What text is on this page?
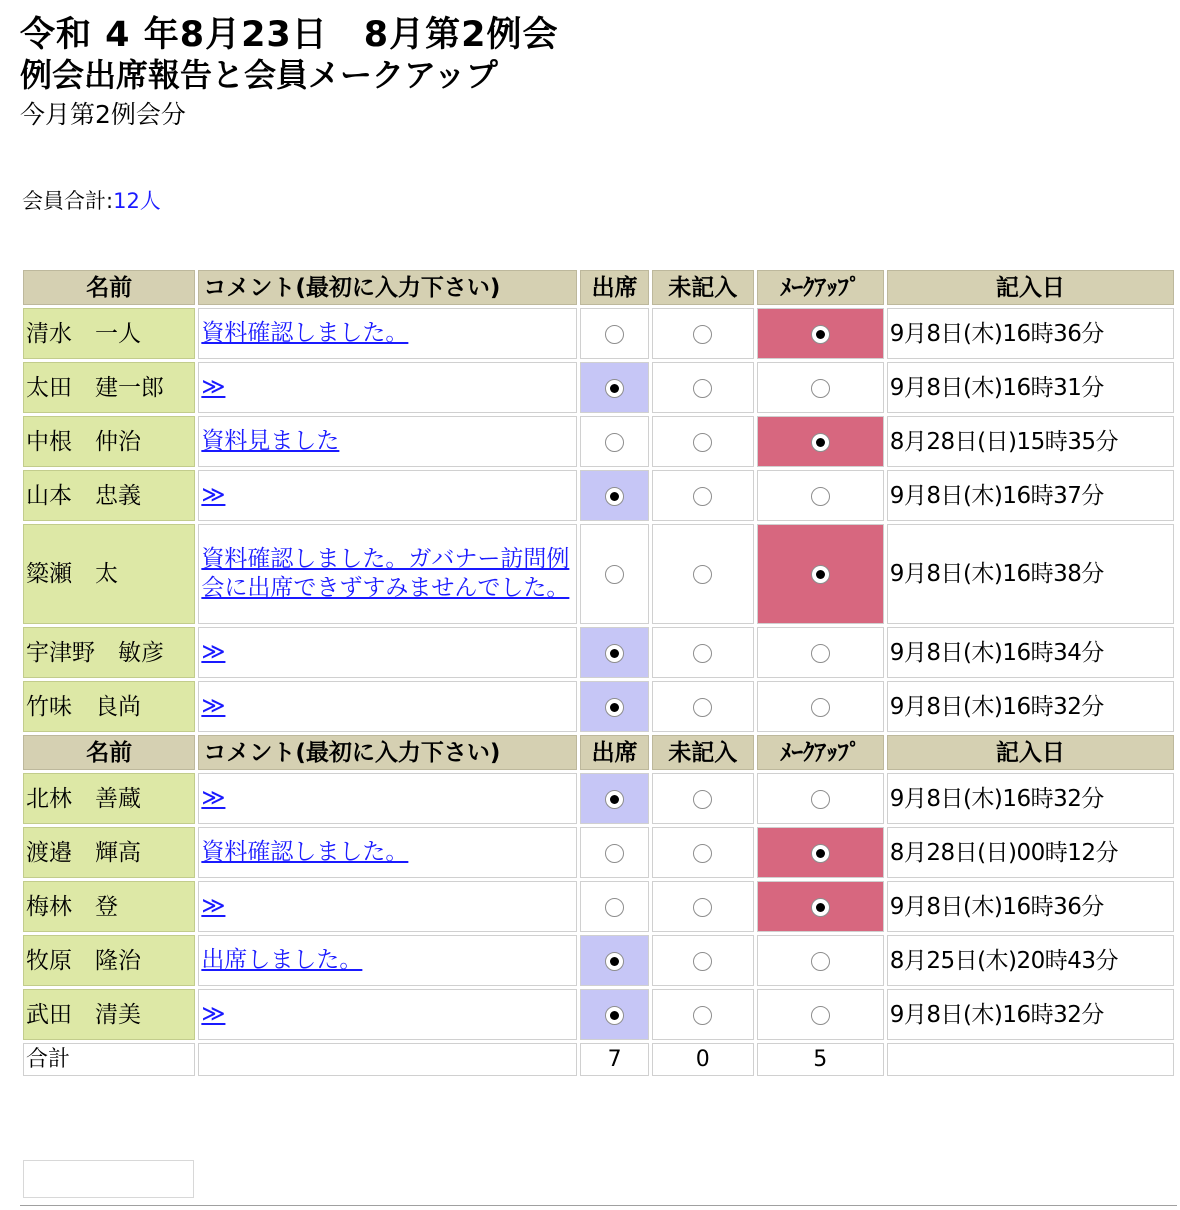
令和 4 年8月23日　8月第2例会
例会出席報告と会員メークアップ
今月第2例会分
会員合計:12人
名前	コメント(最初に入力下さい)	出席	未記入	ﾒｰｸｱｯﾌﾟ	記入日
清水　一人	資料確認しました。				9月8日(木)16時36分
太田　建一郎	≫				9月8日(木)16時31分
中根　仲治	資料見ました				8月28日(日)15時35分
山本　忠義	≫				9月8日(木)16時37分
簗瀬　太	資料確認しました。ガバナー訪問例会に出席できずすみませんでした。				9月8日(木)16時38分
宇津野　敏彦	≫				9月8日(木)16時34分
竹味　良尚	≫				9月8日(木)16時32分
名前	コメント(最初に入力下さい)	出席	未記入	ﾒｰｸｱｯﾌﾟ	記入日
北林　善蔵	≫				9月8日(木)16時32分
渡邉　輝高	資料確認しました。				8月28日(日)00時12分
梅林　登	≫				9月8日(木)16時36分
牧原　隆治	出席しました。				8月25日(木)20時43分
武田　清美	≫				9月8日(木)16時32分
合計		7	0	5	
